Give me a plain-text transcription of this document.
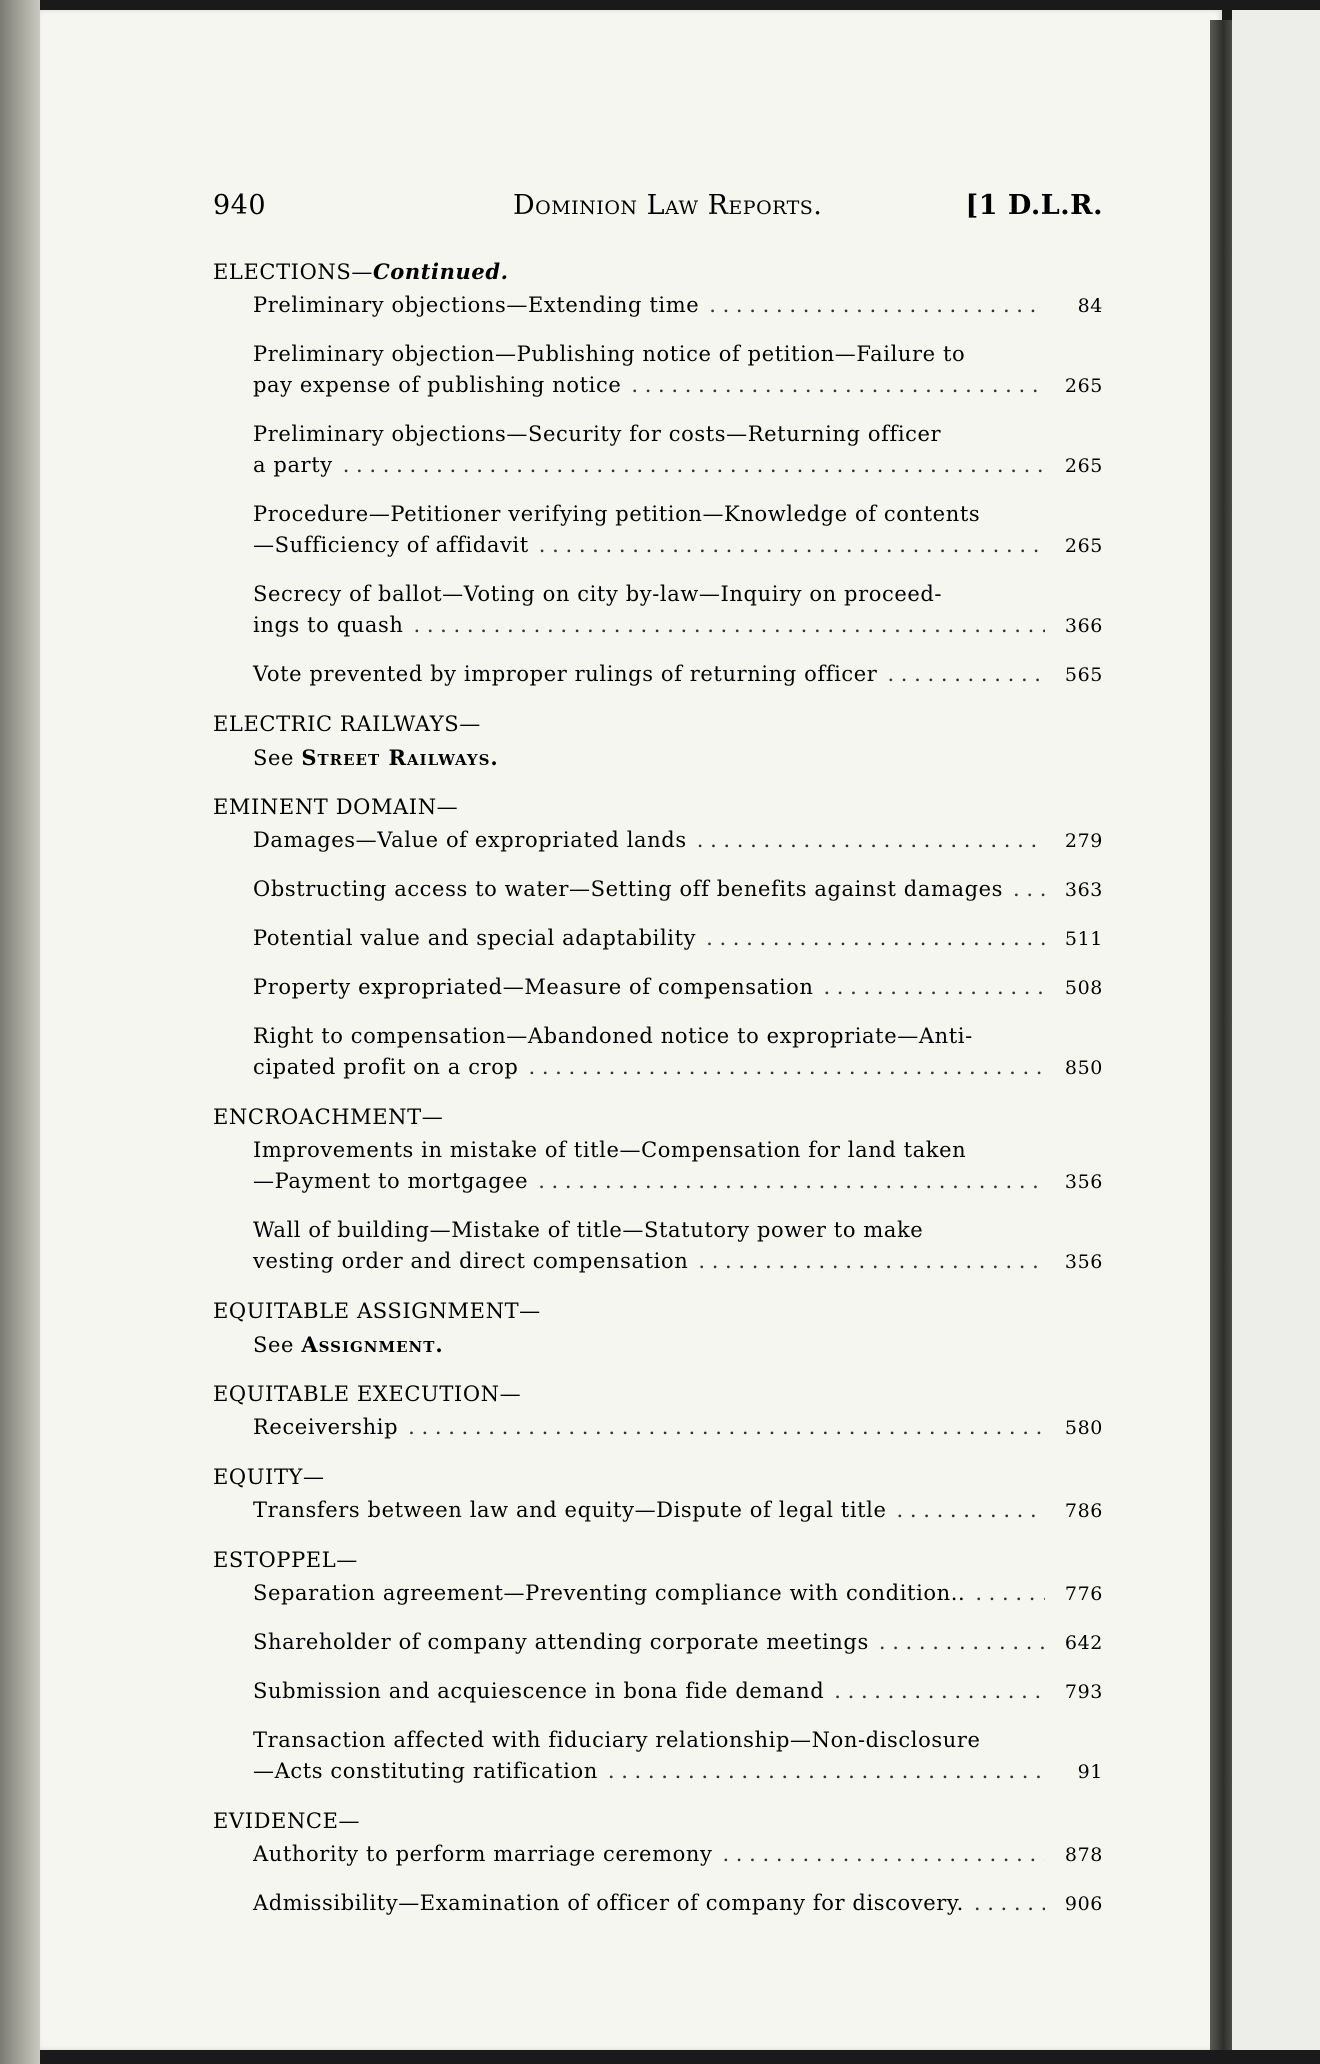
940	Dominion Law Reports.	[1 D.L.R.
ELECTIONS—Continued.
Preliminary objections—Extending time . . .	84
Preliminary objection—Publishing notice of petition—Failure to
pay expense of publishing notice . . .	265
Preliminary objections—Security for costs—Returning officer
a party . . .	265
Procedure—Petitioner verifying petition—Knowledge of contents
—Sufficiency of affidavit . . .	265
Secrecy of ballot—Voting on city by-law—Inquiry on proceed-
ings to quash . . .	366
Vote prevented by improper rulings of returning officer . . .	565
ELECTRIC RAILWAYS—
See Street Railways.
EMINENT DOMAIN—
Damages—Value of expropriated lands . . .	279
Obstructing access to water—Setting off benefits against damages . . .	363
Potential value and special adaptability . . .	511
Property expropriated—Measure of compensation . . .	508
Right to compensation—Abandoned notice to expropriate—Anti-
cipated profit on a crop . . .	850
ENCROACHMENT—
Improvements in mistake of title—Compensation for land taken
—Payment to mortgagee . . .	356
Wall of building—Mistake of title—Statutory power to make
vesting order and direct compensation . . .	356
EQUITABLE ASSIGNMENT—
See Assignment.
EQUITABLE EXECUTION—
Receivership . . .	580
EQUITY—
Transfers between law and equity—Dispute of legal title . . .	786
ESTOPPEL—
Separation agreement—Preventing compliance with condition.. . . .	776
Shareholder of company attending corporate meetings . . .	642
Submission and acquiescence in bona fide demand . . .	793
Transaction affected with fiduciary relationship—Non-disclosure
—Acts constituting ratification . . .	91
EVIDENCE—
Authority to perform marriage ceremony . . .	878
Admissibility—Examination of officer of company for discovery. . . .	906
